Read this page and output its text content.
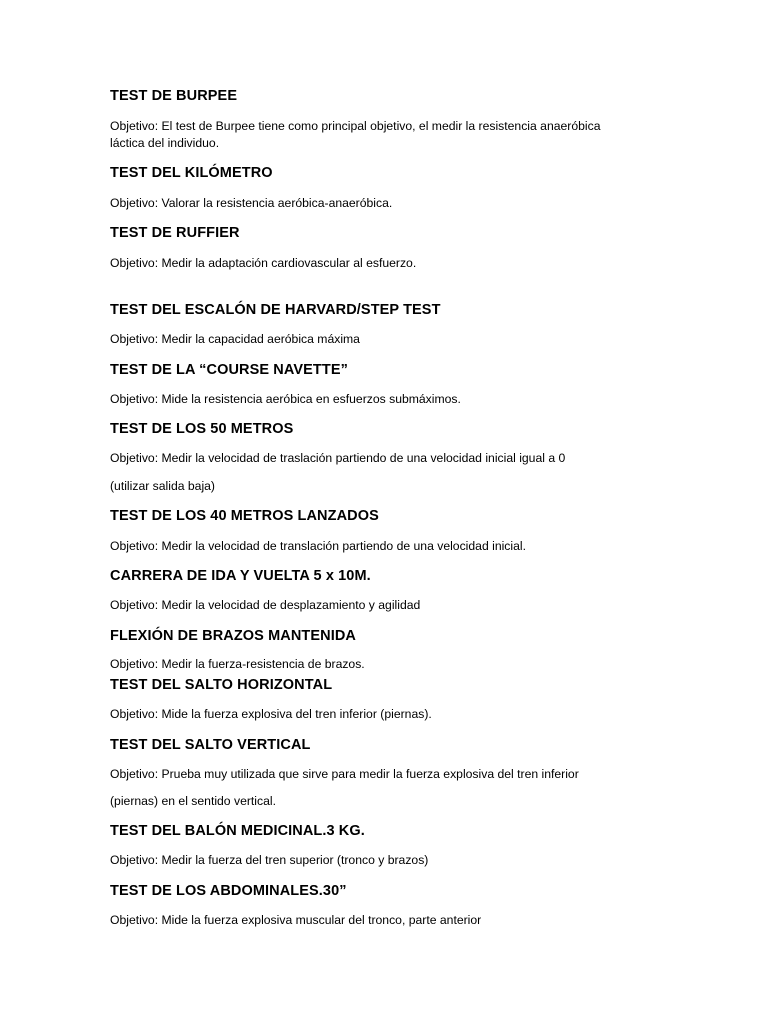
TEST DE BURPEE
Objetivo: El test de Burpee tiene como principal objetivo, el medir la resistencia anaeróbica
láctica del individuo.
TEST DEL KILÓMETRO
Objetivo: Valorar la resistencia aeróbica-anaeróbica.
TEST DE RUFFIER
Objetivo: Medir la adaptación cardiovascular al esfuerzo.
TEST DEL ESCALÓN DE HARVARD/STEP TEST
Objetivo: Medir la capacidad aeróbica máxima
TEST DE LA “COURSE NAVETTE”
Objetivo: Mide la resistencia aeróbica en esfuerzos submáximos.
TEST DE LOS 50 METROS
Objetivo: Medir la velocidad de traslación partiendo de una velocidad inicial igual a 0
(utilizar salida baja)
TEST DE LOS 40 METROS LANZADOS
Objetivo: Medir la velocidad de translación partiendo de una velocidad inicial.
CARRERA DE IDA Y VUELTA 5 x 10M.
Objetivo: Medir la velocidad de desplazamiento y agilidad
FLEXIÓN DE BRAZOS MANTENIDA
Objetivo: Medir la fuerza-resistencia de brazos.
TEST DEL SALTO HORIZONTAL
Objetivo: Mide la fuerza explosiva del tren inferior (piernas).
TEST DEL SALTO VERTICAL
Objetivo: Prueba muy utilizada que sirve para medir la fuerza explosiva del tren inferior
(piernas) en el sentido vertical.
TEST DEL BALÓN MEDICINAL.3 KG.
Objetivo: Medir la fuerza del tren superior (tronco y brazos)
TEST DE LOS ABDOMINALES.30”
Objetivo: Mide la fuerza explosiva muscular del tronco, parte anterior
